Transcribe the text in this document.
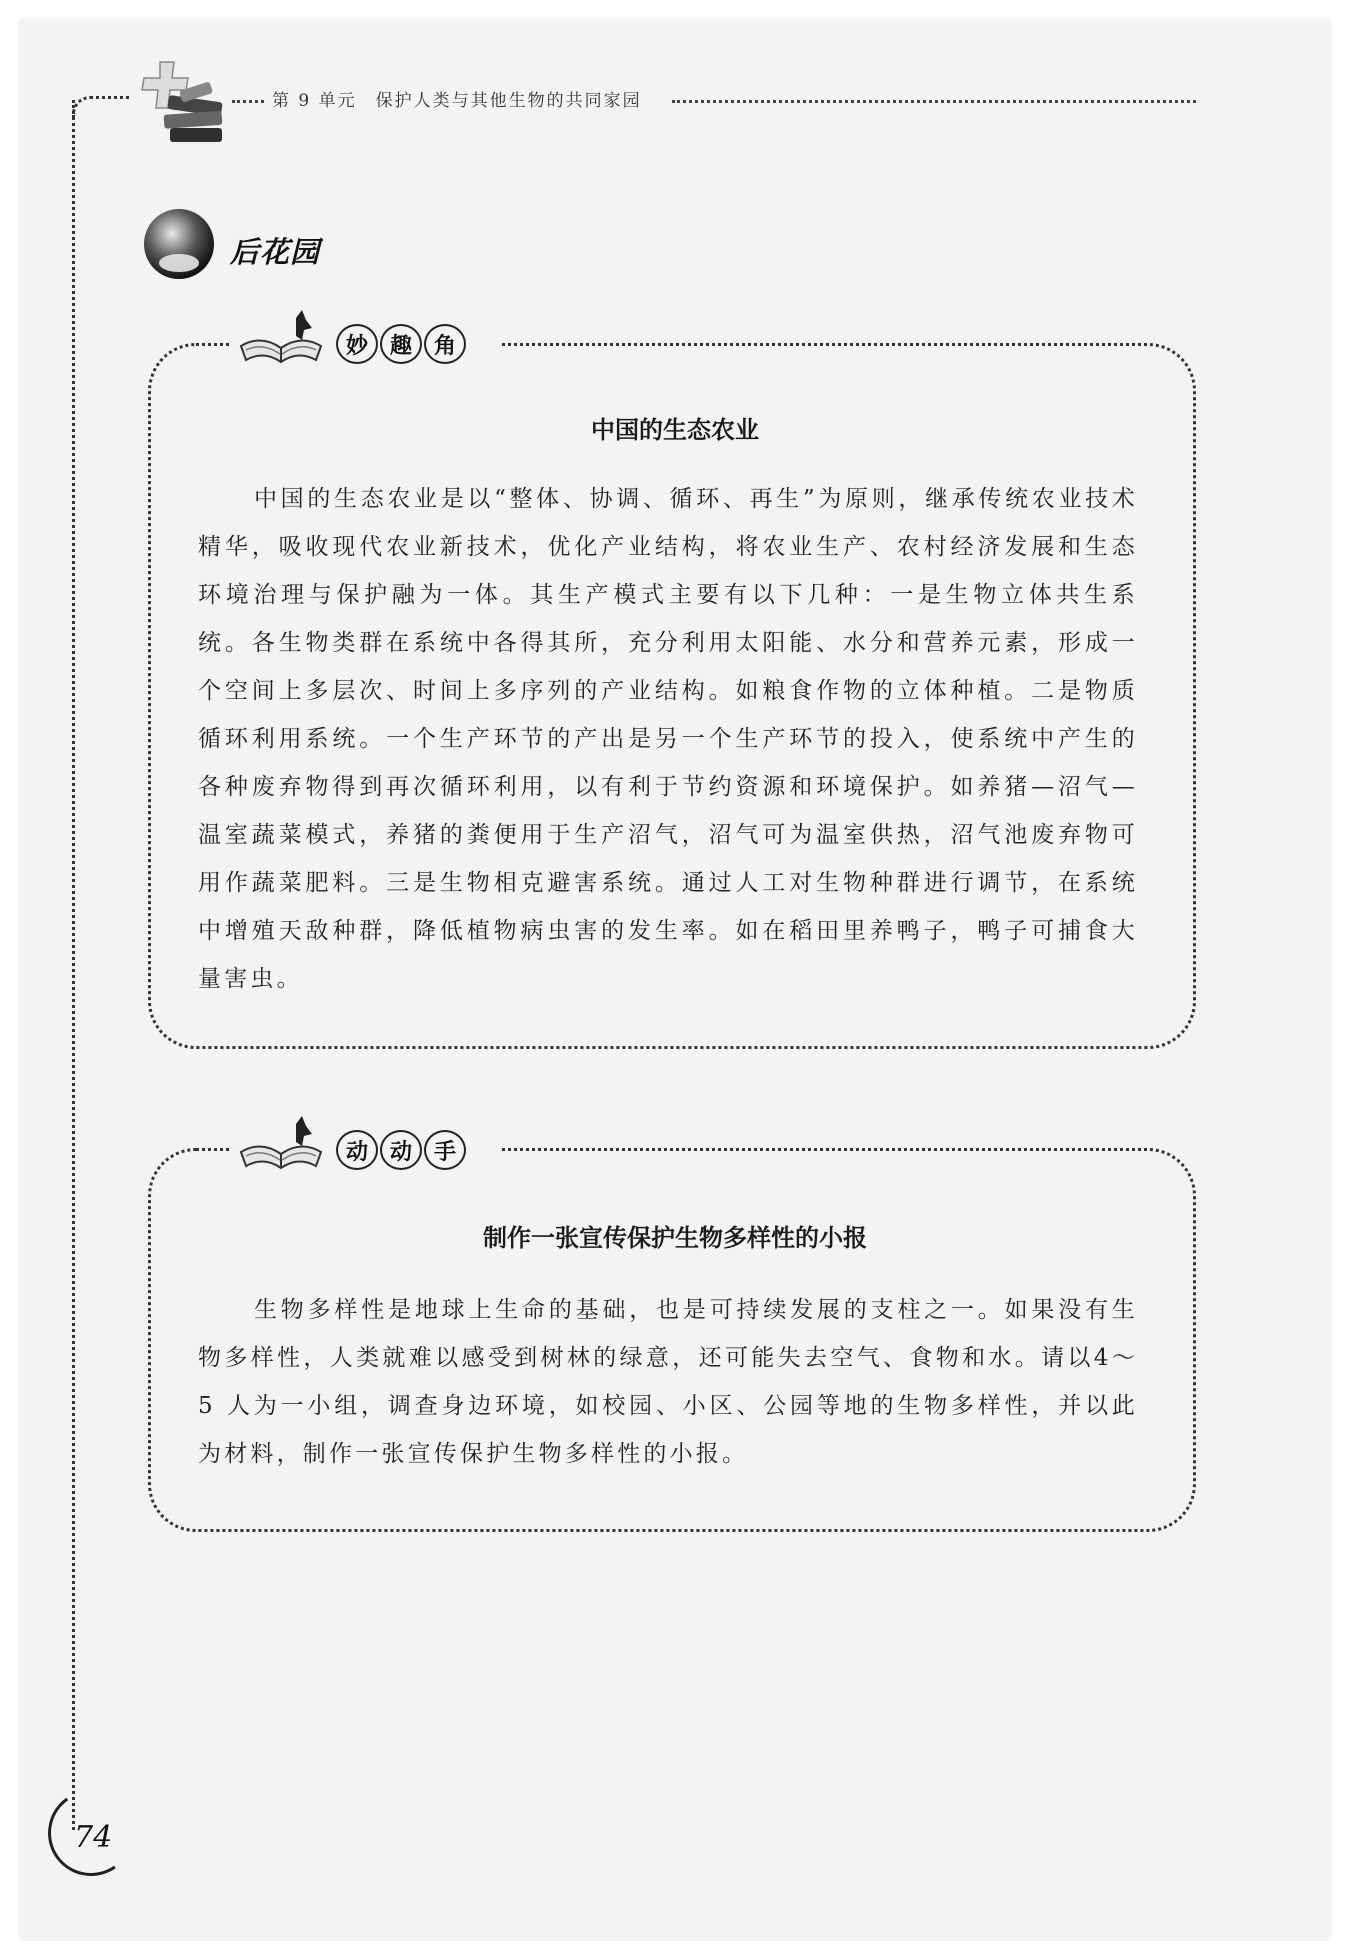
第 9 单元　保护人类与其他生物的共同家园
后花园
妙 趣 角
中国的生态农业

中国的生态农业是以“整体、协调、循环、再生”为原则，继承传统农业技术精华，吸收现代农业新技术，优化产业结构，将农业生产、农村经济发展和生态环境治理与保护融为一体。其生产模式主要有以下几种：一是生物立体共生系统。各生物类群在系统中各得其所，充分利用太阳能、水分和营养元素，形成一个空间上多层次、时间上多序列的产业结构。如粮食作物的立体种植。二是物质循环利用系统。一个生产环节的产出是另一个生产环节的投入，使系统中产生的各种废弃物得到再次循环利用，以有利于节约资源和环境保护。如养猪—沼气—温室蔬菜模式，养猪的粪便用于生产沼气，沼气可为温室供热，沼气池废弃物可用作蔬菜肥料。三是生物相克避害系统。通过人工对生物种群进行调节，在系统中增殖天敌种群，降低植物病虫害的发生率。如在稻田里养鸭子，鸭子可捕食大量害虫。

动 动 手
制作一张宣传保护生物多样性的小报

生物多样性是地球上生命的基础，也是可持续发展的支柱之一。如果没有生物多样性，人类就难以感受到树林的绿意，还可能失去空气、食物和水。请以4～5 人为一小组，调查身边环境，如校园、小区、公园等地的生物多样性，并以此为材料，制作一张宣传保护生物多样性的小报。

74
